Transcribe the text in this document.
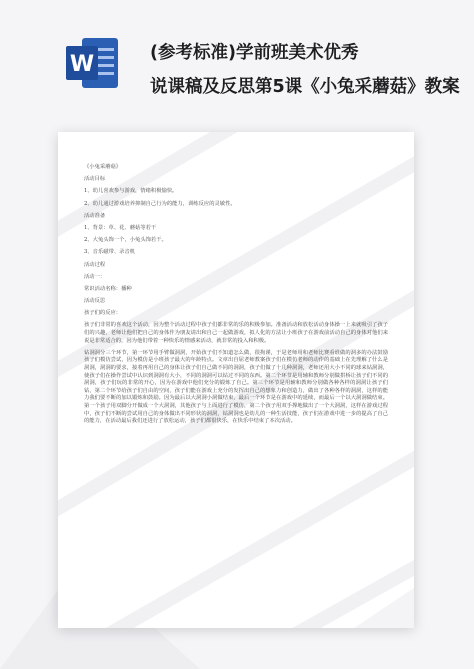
W	(参考标准)学前班美术优秀
说课稿及反思第5课《小兔采蘑菇》教案

《小兔采蘑菇》

活动目标

1、幼儿喜欢参与游戏，情绪积极愉快。

2、幼儿通过游戏培养抑制自己行为的能力，训练反应的灵敏性。

活动准备

1、背景：草、花、蘑菇等若干

2、大兔头饰一个，小兔头饰若干。

3、音乐磁带、录音机

活动过程

活动一：

常识活动名称：播种

活动反思

孩子们的反应：

孩子们非常的喜欢这个活动，因为整个活动过程中孩子们都非常的乐的积极参加。准备活动和放松活动身体操一上来就吸引了孩子们的兴趣，老师让他们把自己的身体作为朋友请出和自己一起做游戏，拟人化的方法让小班孩子在游戏前活动自己的身体对他们来说是非常适合的，因为他们带着一种快乐的情感来活动，就非常的投入和积极。

钻洞洞分三个环节，第一环节用手臂做洞洞，开始孩子们不知道怎么做，很拘谨，于是老师用和老师比赛看谁做的洞多的办法鼓励孩子们模仿尝试，因为模仿是小班孩子最大的年龄特点。文章出自屈老师教案孩子们在模仿老师的动作的基础上在先理解了什么是洞洞，洞洞的要求，接着再用自己的身体让孩子们自己做不同的洞洞，孩子们做了十几种洞洞，老师还用大小不同的球来钻洞洞，使孩子们在操作尝试中认识到洞洞有大小，不同的洞洞可以钻过不同的东西。第二个环节是用辅和教师分别做拱桥让孩子们不同的洞洞，孩子们玩的非常的开心，因为在游戏中他们充分的锻炼了自己。第三个环节是用辅和教师分别做各种各样的洞洞让孩子们钻，第二个环节给孩子们自由的空间，孩子们能在游戏上充分的发挥出自己的想象力和创造力，做出了各种各样的洞洞，这样的能力我们要不断的加以锻炼和鼓励。因为最后以大洞洞小洞做结束，最后一个环节是在游戏中的延续，而最后一个以大洞洞做结束。第一个孩子用双脚分开做成一个大洞洞，其他孩子与上面进行了模仿，第二个孩子用双手撑地做出了一个大洞洞，这样在游戏过程中，孩子们不断的尝试用自己的身体做出不同形状的洞洞，钻洞洞也是幼儿的一种生活技能，孩子们在游戏中进一步的提高了自己的能力，在活动最后我们还进行了放松运动，孩子们都很快乐，在快乐中结束了本次活动。
